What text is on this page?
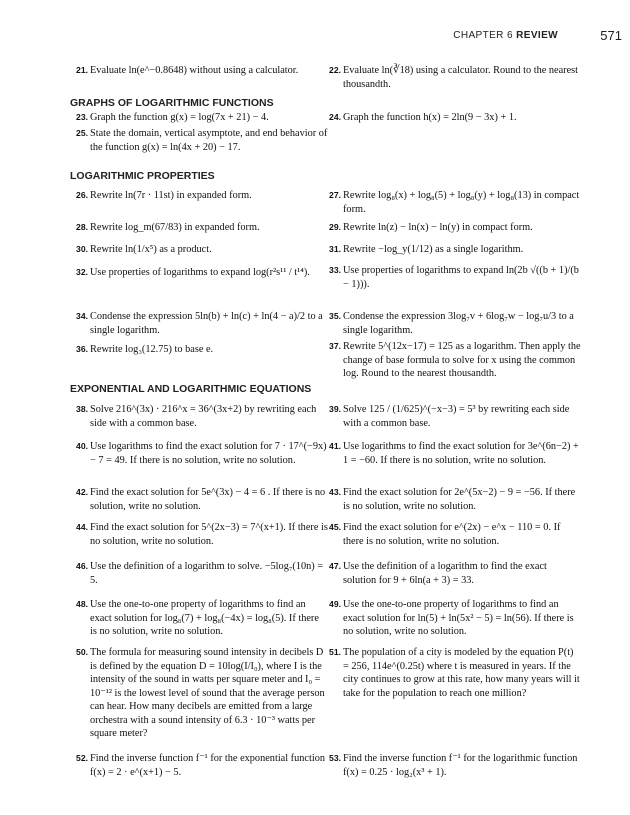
CHAPTER 6 REVIEW	571
GRAPHS OF LOGARITHMIC FUNCTIONS
LOGARITHMIC PROPERTIES
EXPONENTIAL AND LOGARITHMIC EQUATIONS
21. Evaluate ln(e^−0.8648) without using a calculator.	22. Evaluate ln(∛18) using a calculator. Round to the nearest thousandth.
23. Graph the function g(x) = log(7x + 21) − 4.	24. Graph the function h(x) = 2ln(9 − 3x) + 1.
25. State the domain, vertical asymptote, and end behavior of the function g(x) = ln(4x + 20) − 17.
26. Rewrite ln(7r · 11st) in expanded form.	27. Rewrite log₈(x) + log₈(5) + log₈(y) + log₈(13) in compact form.
28. Rewrite log_m(67/83) in expanded form.	29. Rewrite ln(z) − ln(x) − ln(y) in compact form.
30. Rewrite ln(1/x⁵) as a product.	31. Rewrite −log_y(1/12) as a single logarithm.
32. Use properties of logarithms to expand log(r²s¹¹ / t¹⁴).	33. Use properties of logarithms to expand ln(2b √((b + 1)/(b − 1))).
34. Condense the expression 5ln(b) + ln(c) + ln(4 − a)/2 to a single logarithm.
35. Condense the expression 3log₇v + 6log₇w − log₇u/3 to a single logarithm.
36. Rewrite log₃(12.75) to base e.	37. Rewrite 5^(12x−17) = 125 as a logarithm. Then apply the change of base formula to solve for x using the common log. Round to the nearest thousandth.
38. Solve 216^(3x) · 216^x = 36^(3x+2) by rewriting each side with a common base.
39. Solve 125 / (1/625)^(−x−3) = 5³ by rewriting each side with a common base.
40. Use logarithms to find the exact solution for 7 · 17^(−9x) − 7 = 49. If there is no solution, write no solution.
41. Use logarithms to find the exact solution for 3e^(6n−2) + 1 = −60. If there is no solution, write no solution.
42. Find the exact solution for 5e^(3x) − 4 = 6 . If there is no solution, write no solution.
43. Find the exact solution for 2e^(5x−2) − 9 = −56. If there is no solution, write no solution.
44. Find the exact solution for 5^(2x−3) = 7^(x+1). If there is no solution, write no solution.
45. Find the exact solution for e^(2x) − e^x − 110 = 0. If there is no solution, write no solution.
46. Use the definition of a logarithm to solve. −5log₇(10n) = 5.
47. Use the definition of a logarithm to find the exact solution for 9 + 6ln(a + 3) = 33.
48. Use the one-to-one property of logarithms to find an exact solution for log₈(7) + log₈(−4x) = log₈(5). If there is no solution, write no solution.
49. Use the one-to-one property of logarithms to find an exact solution for ln(5) + ln(5x² − 5) = ln(56). If there is no solution, write no solution.
50. The formula for measuring sound intensity in decibels D is defined by the equation D = 10log(I/I₀), where I is the intensity of the sound in watts per square meter and I₀ = 10⁻¹² is the lowest level of sound that the average person can hear. How many decibels are emitted from a large orchestra with a sound intensity of 6.3 · 10⁻³ watts per square meter?
51. The population of a city is modeled by the equation P(t) = 256, 114e^(0.25t) where t is measured in years. If the city continues to grow at this rate, how many years will it take for the population to reach one million?
52. Find the inverse function f⁻¹ for the exponential function f(x) = 2 · e^(x+1) − 5.
53. Find the inverse function f⁻¹ for the logarithmic function f(x) = 0.25 · log₂(x³ + 1).
